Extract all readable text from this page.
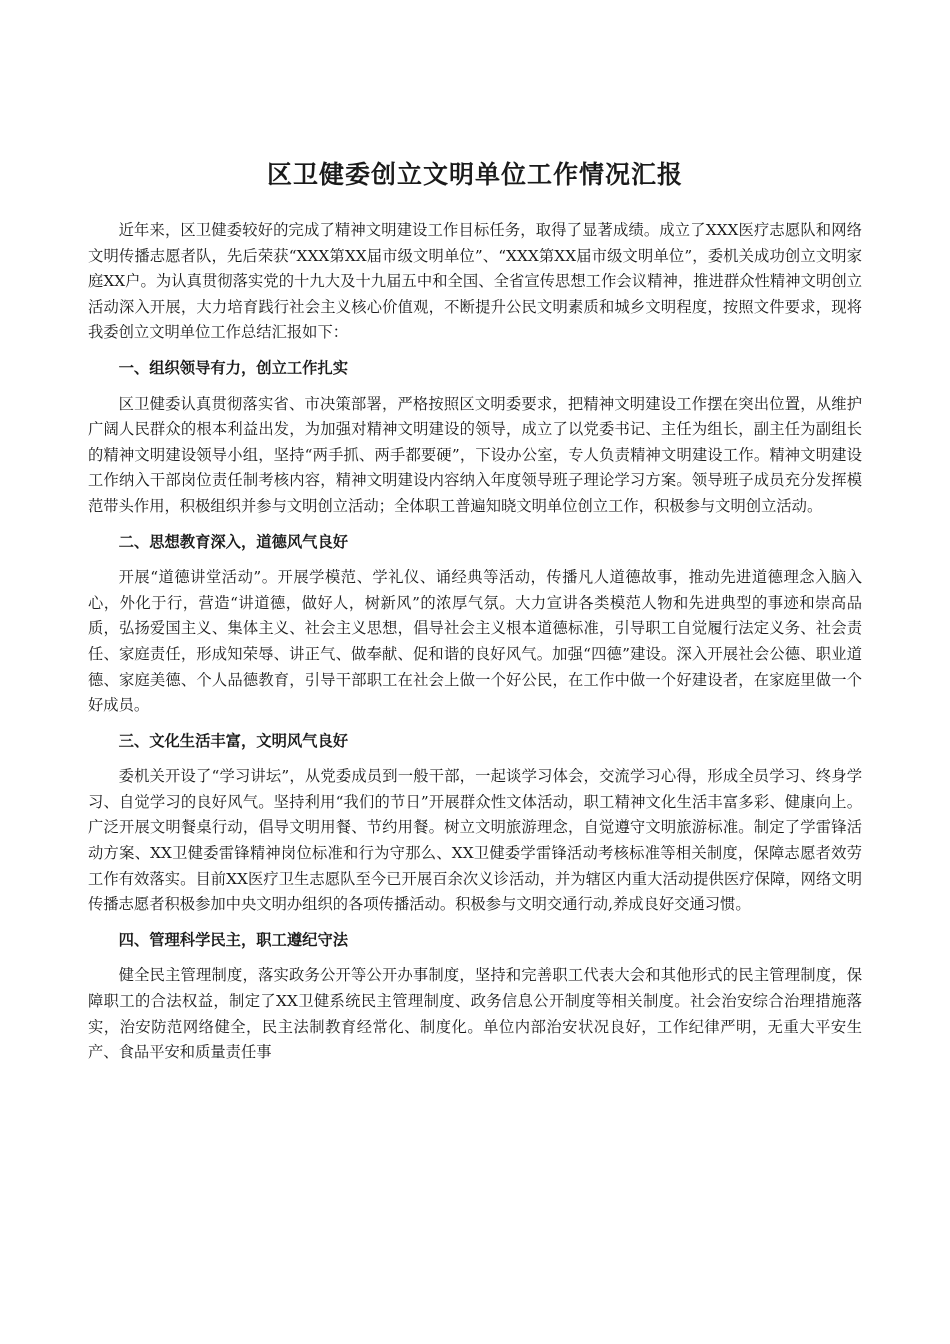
区卫健委创立文明单位工作情况汇报

近年来，区卫健委较好的完成了精神文明建设工作目标任务，取得了显著成绩。成立了XXX医疗志愿队和网络文明传播志愿者队，先后荣获“XXX第XX届市级文明单位”、“XXX第XX届市级文明单位”，委机关成功创立文明家庭XX户。为认真贯彻落实党的十九大及十九届五中和全国、全省宣传思想工作会议精神，推进群众性精神文明创立活动深入开展，大力培育践行社会主义核心价值观，不断提升公民文明素质和城乡文明程度，按照文件要求，现将我委创立文明单位工作总结汇报如下：

一、组织领导有力，创立工作扎实

区卫健委认真贯彻落实省、市决策部署，严格按照区文明委要求，把精神文明建设工作摆在突出位置，从维护广阔人民群众的根本利益出发，为加强对精神文明建设的领导，成立了以党委书记、主任为组长，副主任为副组长的精神文明建设领导小组，坚持“两手抓、两手都要硬”，下设办公室，专人负责精神文明建设工作。精神文明建设工作纳入干部岗位责任制考核内容，精神文明建设内容纳入年度领导班子理论学习方案。领导班子成员充分发挥模范带头作用，积极组织并参与文明创立活动；全体职工普遍知晓文明单位创立工作，积极参与文明创立活动。

二、思想教育深入，道德风气良好

开展“道德讲堂活动”。开展学模范、学礼仪、诵经典等活动，传播凡人道德故事，推动先进道德理念入脑入心，外化于行，营造“讲道德，做好人，树新风”的浓厚气氛。大力宣讲各类模范人物和先进典型的事迹和崇高品质，弘扬爱国主义、集体主义、社会主义思想，倡导社会主义根本道德标准，引导职工自觉履行法定义务、社会责任、家庭责任，形成知荣辱、讲正气、做奉献、促和谐的良好风气。加强“四德”建设。深入开展社会公德、职业道德、家庭美德、个人品德教育，引导干部职工在社会上做一个好公民，在工作中做一个好建设者，在家庭里做一个好成员。

三、文化生活丰富，文明风气良好

委机关开设了“学习讲坛”，从党委成员到一般干部，一起谈学习体会，交流学习心得，形成全员学习、终身学习、自觉学习的良好风气。坚持利用“我们的节日”开展群众性文体活动，职工精神文化生活丰富多彩、健康向上。广泛开展文明餐桌行动，倡导文明用餐、节约用餐。树立文明旅游理念，自觉遵守文明旅游标准。制定了学雷锋活动方案、XX卫健委雷锋精神岗位标准和行为守那么、XX卫健委学雷锋活动考核标准等相关制度，保障志愿者效劳工作有效落实。目前XX医疗卫生志愿队至今已开展百余次义诊活动，并为辖区内重大活动提供医疗保障，网络文明传播志愿者积极参加中央文明办组织的各项传播活动。积极参与文明交通行动,养成良好交通习惯。

四、管理科学民主，职工遵纪守法

健全民主管理制度，落实政务公开等公开办事制度，坚持和完善职工代表大会和其他形式的民主管理制度，保障职工的合法权益，制定了XX卫健系统民主管理制度、政务信息公开制度等相关制度。社会治安综合治理措施落实，治安防范网络健全，民主法制教育经常化、制度化。单位内部治安状况良好，工作纪律严明，无重大平安生产、食品平安和质量责任事
